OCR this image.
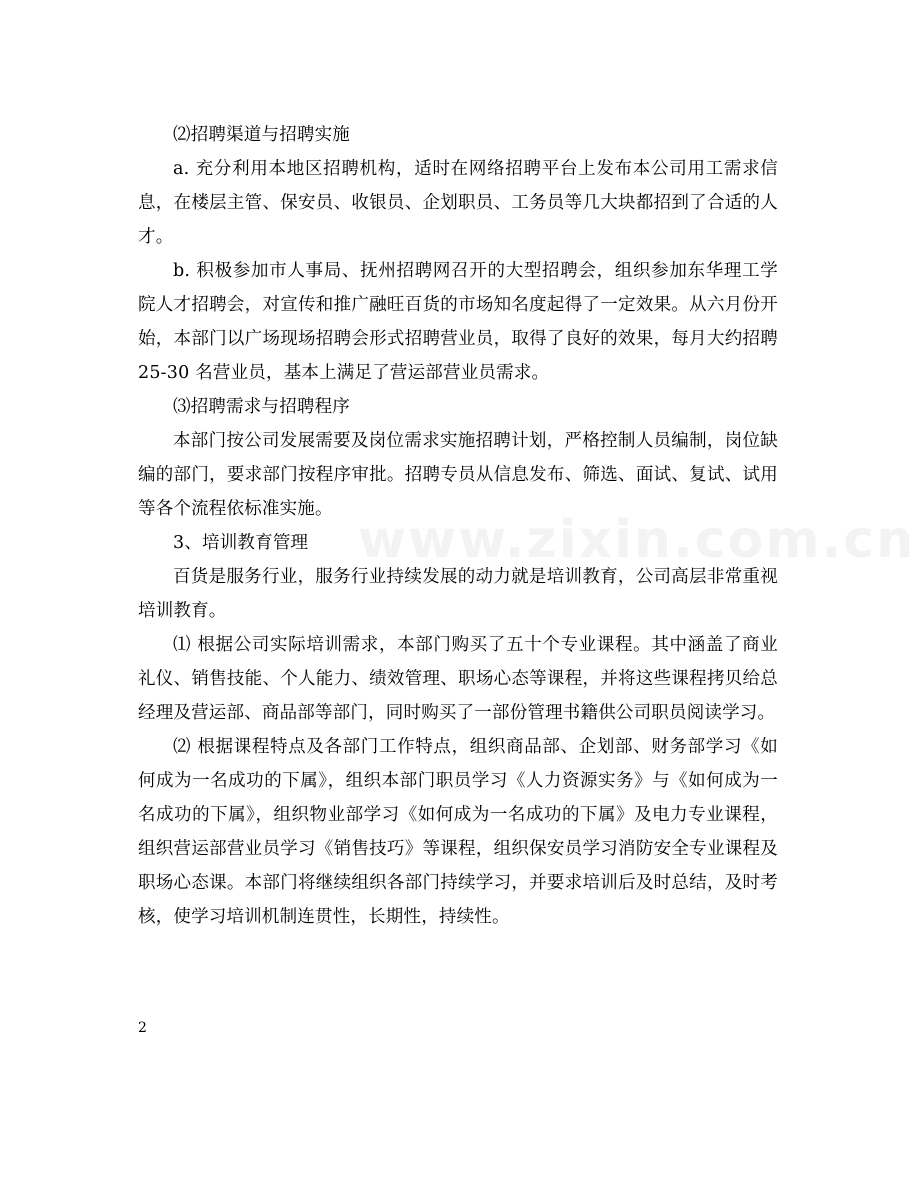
⑵招聘渠道与招聘实施

a. 充分利用本地区招聘机构，适时在网络招聘平台上发布本公司用工需求信息，在楼层主管、保安员、收银员、企划职员、工务员等几大块都招到了合适的人才。

b. 积极参加市人事局、抚州招聘网召开的大型招聘会，组织参加东华理工学院人才招聘会，对宣传和推广融旺百货的市场知名度起得了一定效果。从六月份开始，本部门以广场现场招聘会形式招聘营业员，取得了良好的效果，每月大约招聘 25-30 名营业员，基本上满足了营运部营业员需求。

⑶招聘需求与招聘程序

本部门按公司发展需要及岗位需求实施招聘计划，严格控制人员编制，岗位缺编的部门，要求部门按程序审批。招聘专员从信息发布、筛选、面试、复试、试用等各个流程依标准实施。

3、培训教育管理

百货是服务行业，服务行业持续发展的动力就是培训教育，公司高层非常重视培训教育。

⑴ 根据公司实际培训需求，本部门购买了五十个专业课程。其中涵盖了商业礼仪、销售技能、个人能力、绩效管理、职场心态等课程，并将这些课程拷贝给总经理及营运部、商品部等部门，同时购买了一部份管理书籍供公司职员阅读学习。

⑵ 根据课程特点及各部门工作特点，组织商品部、企划部、财务部学习《如何成为一名成功的下属》，组织本部门职员学习《人力资源实务》与《如何成为一名成功的下属》，组织物业部学习《如何成为一名成功的下属》及电力专业课程，组织营运部营业员学习《销售技巧》等课程，组织保安员学习消防安全专业课程及职场心态课。本部门将继续组织各部门持续学习，并要求培训后及时总结，及时考核，使学习培训机制连贯性，长期性，持续性。

www.zixin.com.cn
2
